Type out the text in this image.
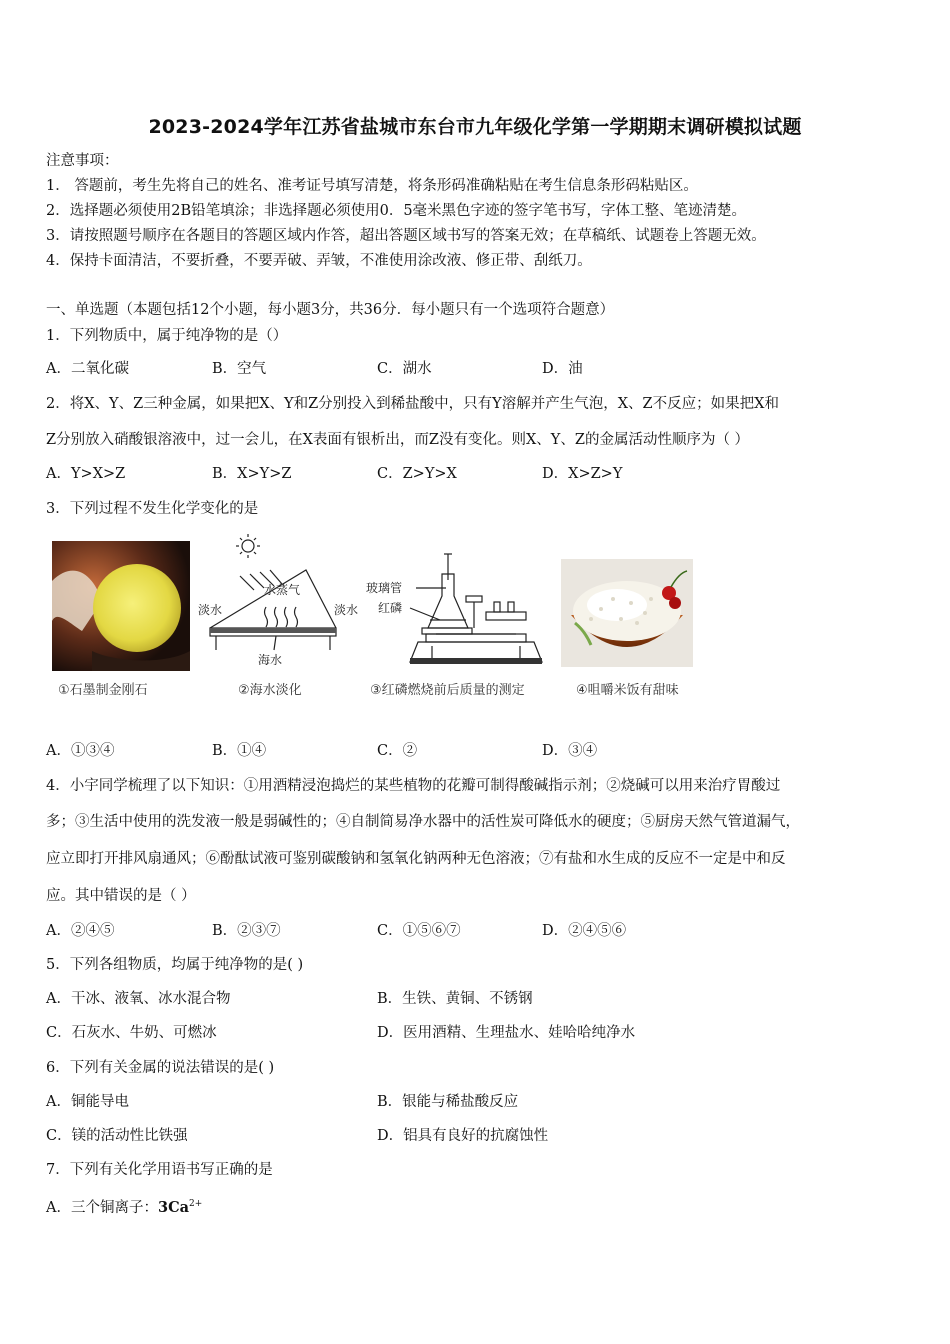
2023-2024学年江苏省盐城市东台市九年级化学第一学期期末调研模拟试题
注意事项：
1． 答题前，考生先将自己的姓名、准考证号填写清楚，将条形码准确粘贴在考生信息条形码粘贴区。
2．选择题必须使用2B铅笔填涂；非选择题必须使用0．5毫米黑色字迹的签字笔书写，字体工整、笔迹清楚。
3．请按照题号顺序在各题目的答题区域内作答，超出答题区域书写的答案无效；在草稿纸、试题卷上答题无效。
4．保持卡面清洁，不要折叠，不要弄破、弄皱，不准使用涂改液、修正带、刮纸刀。
一、单选题（本题包括12个小题，每小题3分，共36分．每小题只有一个选项符合题意）
1．下列物质中，属于纯净物的是（）
A．二氧化碳	B．空气	C．湖水	D．油
2．将X、Y、Z三种金属，如果把X、Y和Z分别投入到稀盐酸中，只有Y溶解并产生气泡，X、Z不反应；如果把X和
Z分别放入硝酸银溶液中，过一会儿，在X表面有银析出，而Z没有变化。则X、Y、Z的金属活动性顺序为（ ）
A．Y>X>Z	B．X>Y>Z	C．Z>Y>X	D．X>Z>Y
3．下列过程不发生化学变化的是
①石墨制金刚石
淡水
水蒸气
淡水
海水
②海水淡化
玻璃管
红磷
③红磷燃烧前后质量的测定	④咀嚼米饭有甜味
A．①③④	B．①④	C．②	D．③④
4．小宇同学梳理了以下知识：①用酒精浸泡捣烂的某些植物的花瓣可制得酸碱指示剂；②烧碱可以用来治疗胃酸过
多；③生活中使用的洗发液一般是弱碱性的；④自制简易净水器中的活性炭可降低水的硬度；⑤厨房天然气管道漏气，
应立即打开排风扇通风；⑥酚酞试液可鉴别碳酸钠和氢氧化钠两种无色溶液；⑦有盐和水生成的反应不一定是中和反
应。其中错误的是（ ）
A．②④⑤	B．②③⑦	C．①⑤⑥⑦	D．②④⑤⑥
5．下列各组物质，均属于纯净物的是( )
A．干冰、液氧、冰水混合物	B．生铁、黄铜、不锈钢
C．石灰水、牛奶、可燃冰	D．医用酒精、生理盐水、娃哈哈纯净水
6．下列有关金属的说法错误的是( )
A．铜能导电	B．银能与稀盐酸反应
C．镁的活动性比铁强	D．铝具有良好的抗腐蚀性
7．下列有关化学用语书写正确的是
A．三个铜离子：$3Ca^{2+}$
